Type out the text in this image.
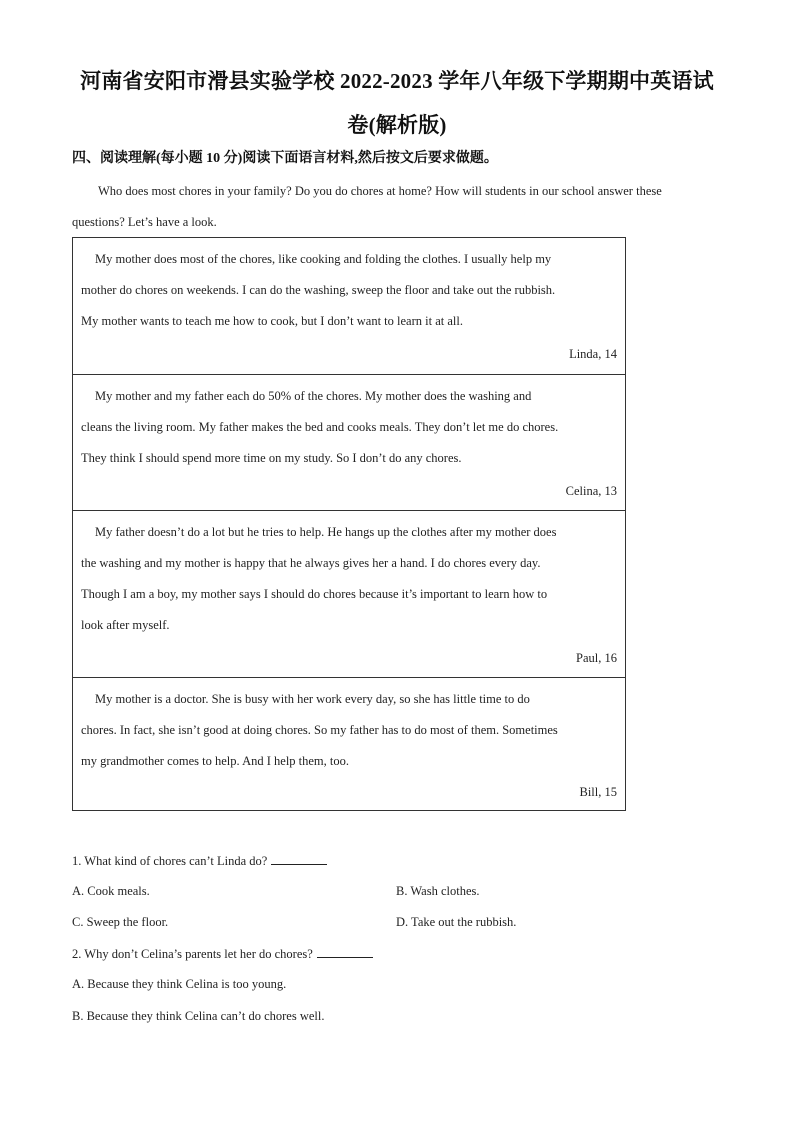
河南省安阳市滑县实验学校 2022-2023 学年八年级下学期期中英语试
卷(解析版)
四、阅读理解(每小题 10 分)阅读下面语言材料,然后按文后要求做题。
Who does most chores in your family? Do you do chores at home? How will students in our school answer these
questions? Let’s have a look.
My mother does most of the chores, like cooking and folding the clothes. I usually help my
mother do chores on weekends. I can do the washing, sweep the floor and take out the rubbish.
My mother wants to teach me how to cook, but I don’t want to learn it at all.
Linda, 14
My mother and my father each do 50% of the chores. My mother does the washing and
cleans the living room. My father makes the bed and cooks meals. They don’t let me do chores.
They think I should spend more time on my study. So I don’t do any chores.
Celina, 13
My father doesn’t do a lot but he tries to help. He hangs up the clothes after my mother does
the washing and my mother is happy that he always gives her a hand. I do chores every day.
Though I am a boy, my mother says I should do chores because it’s important to learn how to
look after myself.
Paul, 16
My mother is a doctor. She is busy with her work every day, so she has little time to do
chores. In fact, she isn’t good at doing chores. So my father has to do most of them. Sometimes
my grandmother comes to help. And I help them, too.
Bill, 15
1. What kind of chores can’t Linda do?
A. Cook meals.	B. Wash clothes.
C. Sweep the floor.	D. Take out the rubbish.
2. Why don’t Celina’s parents let her do chores?
A. Because they think Celina is too young.
B. Because they think Celina can’t do chores well.
